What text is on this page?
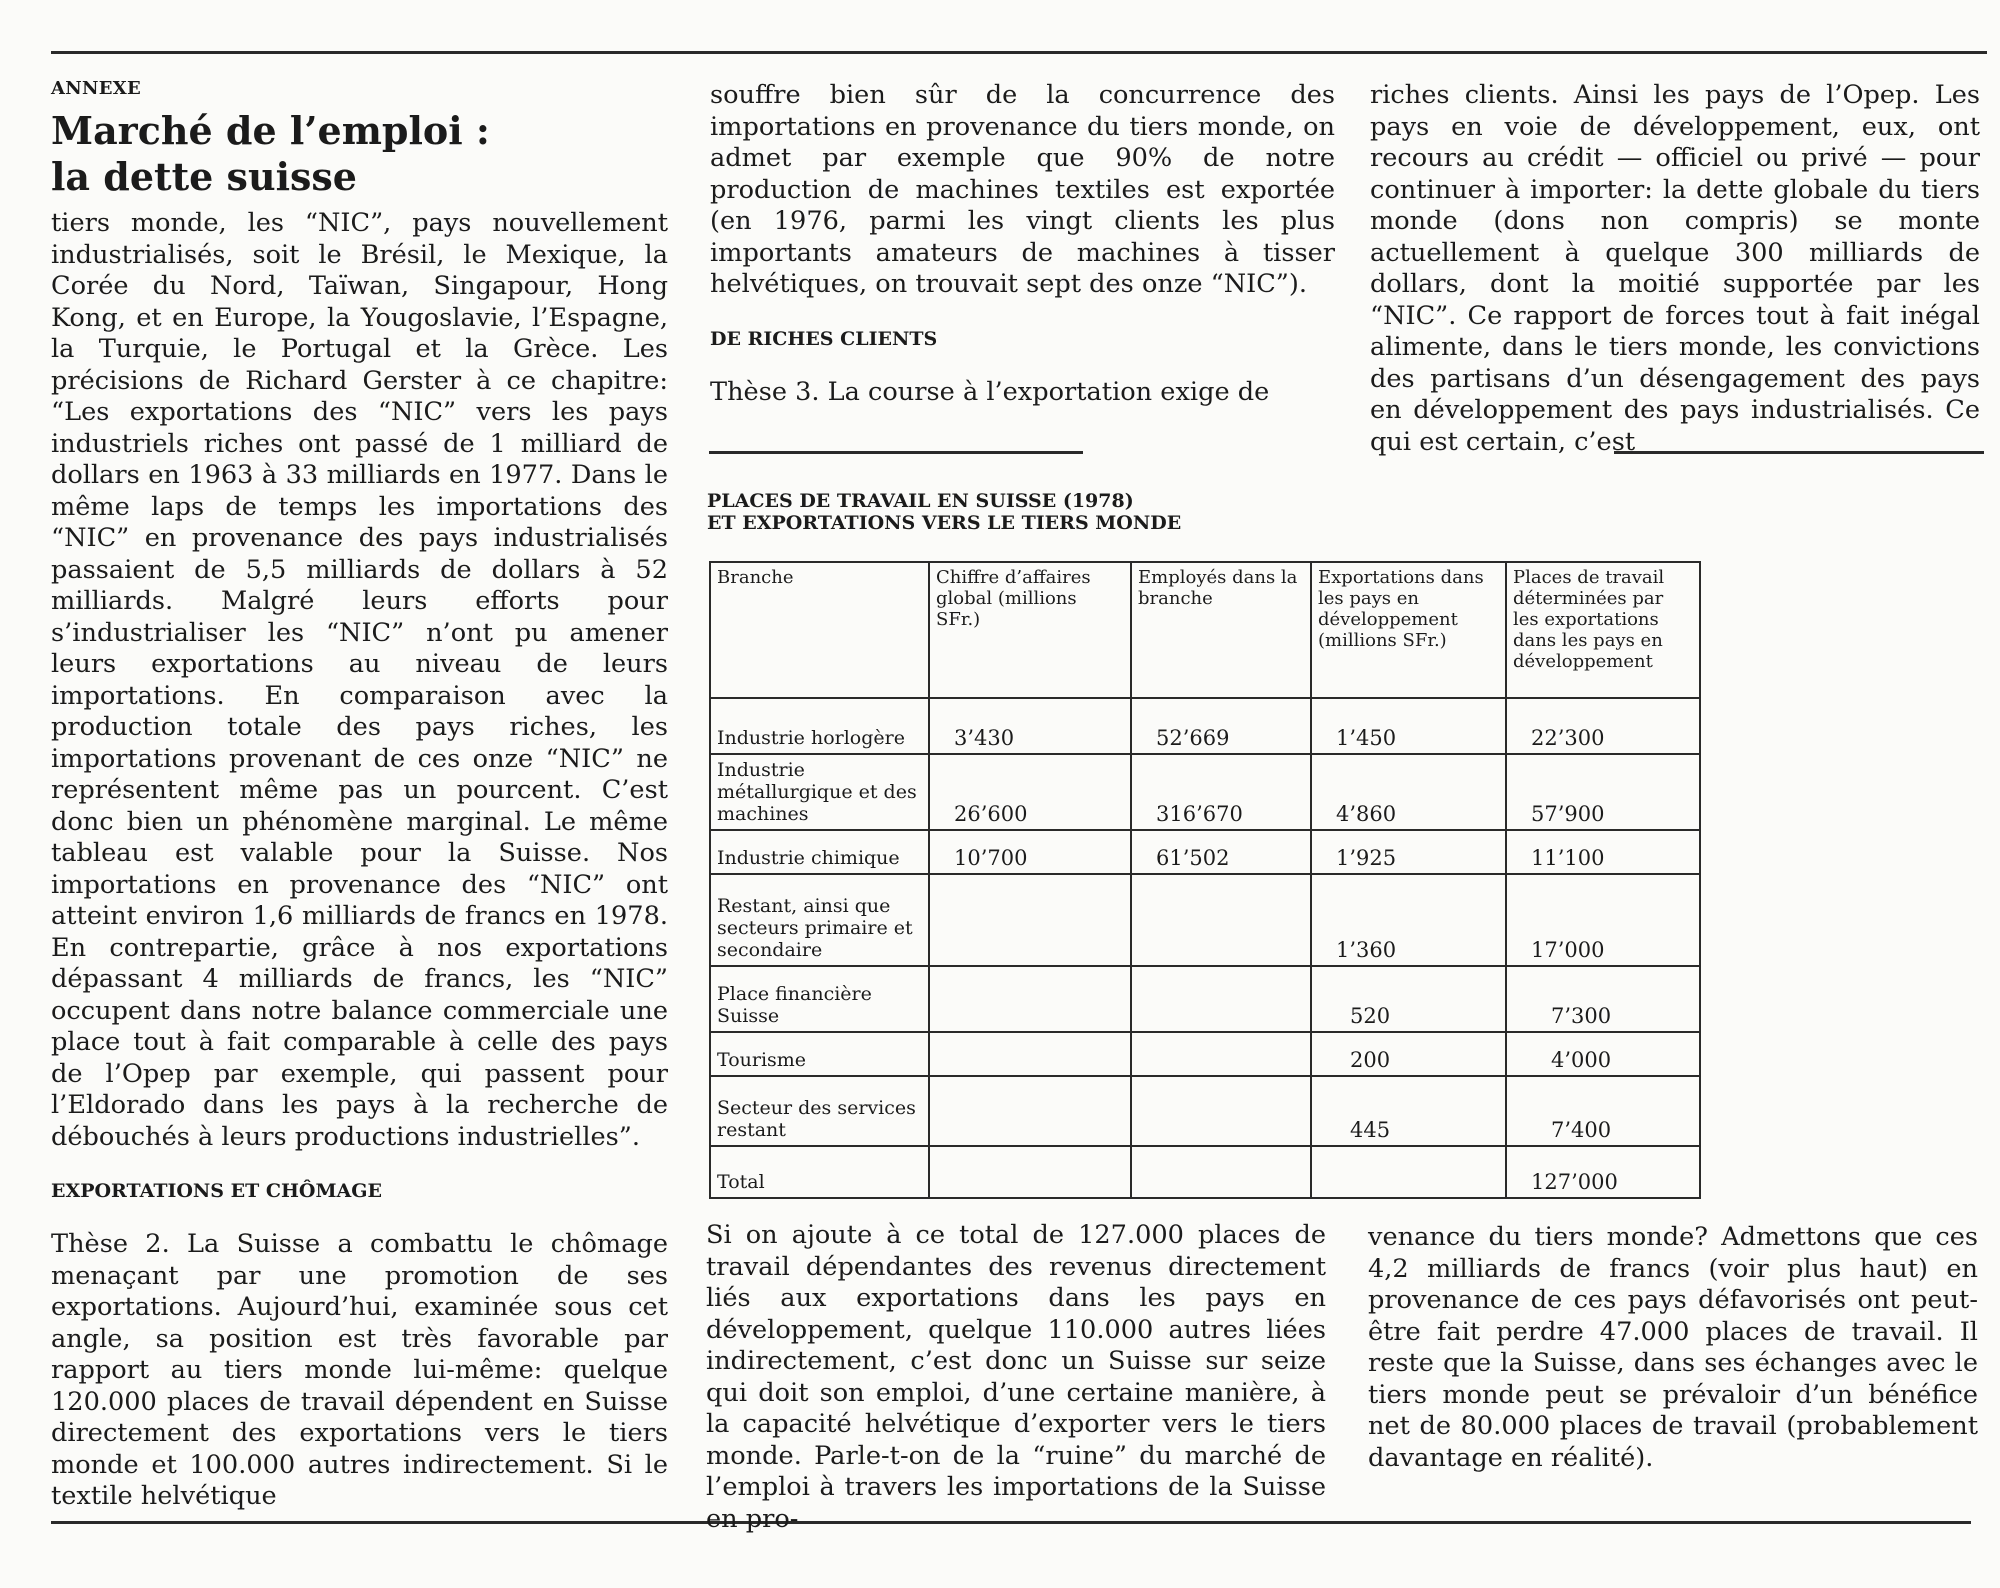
ANNEXE
Marché de l’emploi :
la dette suisse

tiers monde, les “NIC”, pays nouvellement industrialisés, soit le Brésil, le Mexique, la Corée du Nord, Taïwan, Singapour, Hong Kong, et en Europe, la Yougoslavie, l’Espagne, la Turquie, le Portugal et la Grèce. Les précisions de Richard Gerster à ce chapitre: “Les exportations des “NIC” vers les pays industriels riches ont passé de 1 milliard de dollars en 1963 à 33 milliards en 1977. Dans le même laps de temps les importations des “NIC” en provenance des pays industrialisés passaient de 5,5 milliards de dollars à 52 milliards. Malgré leurs efforts pour s’industrialiser les “NIC” n’ont pu amener leurs exportations au niveau de leurs importations. En comparaison avec la production totale des pays riches, les importations provenant de ces onze “NIC” ne représentent même pas un pourcent. C’est donc bien un phénomène marginal. Le même tableau est valable pour la Suisse. Nos importations en provenance des “NIC” ont atteint environ 1,6 milliards de francs en 1978. En contrepartie, grâce à nos exportations dépassant 4 milliards de francs, les “NIC” occupent dans notre balance commerciale une place tout à fait comparable à celle des pays de l’Opep par exemple, qui passent pour l’Eldorado dans les pays à la recherche de débouchés à leurs productions industrielles”.

EXPORTATIONS ET CHÔMAGE

Thèse 2. La Suisse a combattu le chômage menaçant par une promotion de ses exportations. Aujourd’hui, examinée sous cet angle, sa position est très favorable par rapport au tiers monde lui-même: quelque 120.000 places de travail dépendent en Suisse directement des exportations vers le tiers monde et 100.000 autres indirectement. Si le textile helvétique

souffre bien sûr de la concurrence des importations en provenance du tiers monde, on admet par exemple que 90% de notre production de machines textiles est exportée (en 1976, parmi les vingt clients les plus importants amateurs de machines à tisser helvétiques, on trouvait sept des onze “NIC”).

DE RICHES CLIENTS

Thèse 3. La course à l’exportation exige de

riches clients. Ainsi les pays de l’Opep. Les pays en voie de développement, eux, ont recours au crédit — officiel ou privé — pour continuer à importer: la dette globale du tiers monde (dons non compris) se monte actuellement à quelque 300 milliards de dollars, dont la moitié supportée par les “NIC”. Ce rapport de forces tout à fait inégal alimente, dans le tiers monde, les convictions des partisans d’un désengagement des pays en développement des pays industrialisés. Ce qui est certain, c’est

PLACES DE TRAVAIL EN SUISSE (1978)
ET EXPORTATIONS VERS LE TIERS MONDE
Branche	Chiffre d’affaires global (millions SFr.)	Employés dans la branche	Exportations dans les pays en développement (millions SFr.)	Places de travail déterminées par les exportations dans les pays en développement
Industrie horlogère	3’430	52’669	1’450	22’300
Industrie métallurgique et des machines	26’600	316’670	4’860	57’900
Industrie chimique	10’700	61’502	1’925	11’100
Restant, ainsi que secteurs primaire et secondaire			1’360	17’000
Place financière Suisse			520	7’300
Tourisme			200	4’000
Secteur des services restant			445	7’400
Total				127’000

Si on ajoute à ce total de 127.000 places de travail dépendantes des revenus directement liés aux exportations dans les pays en développement, quelque 110.000 autres liées indirectement, c’est donc un Suisse sur seize qui doit son emploi, d’une certaine manière, à la capacité helvétique d’exporter vers le tiers monde. Parle-t-on de la “ruine” du marché de l’emploi à travers les importations de la Suisse en pro-

venance du tiers monde? Admettons que ces 4,2 milliards de francs (voir plus haut) en provenance de ces pays défavorisés ont peut-être fait perdre 47.000 places de travail. Il reste que la Suisse, dans ses échanges avec le tiers monde peut se prévaloir d’un bénéfice net de 80.000 places de travail (probablement davantage en réalité).
